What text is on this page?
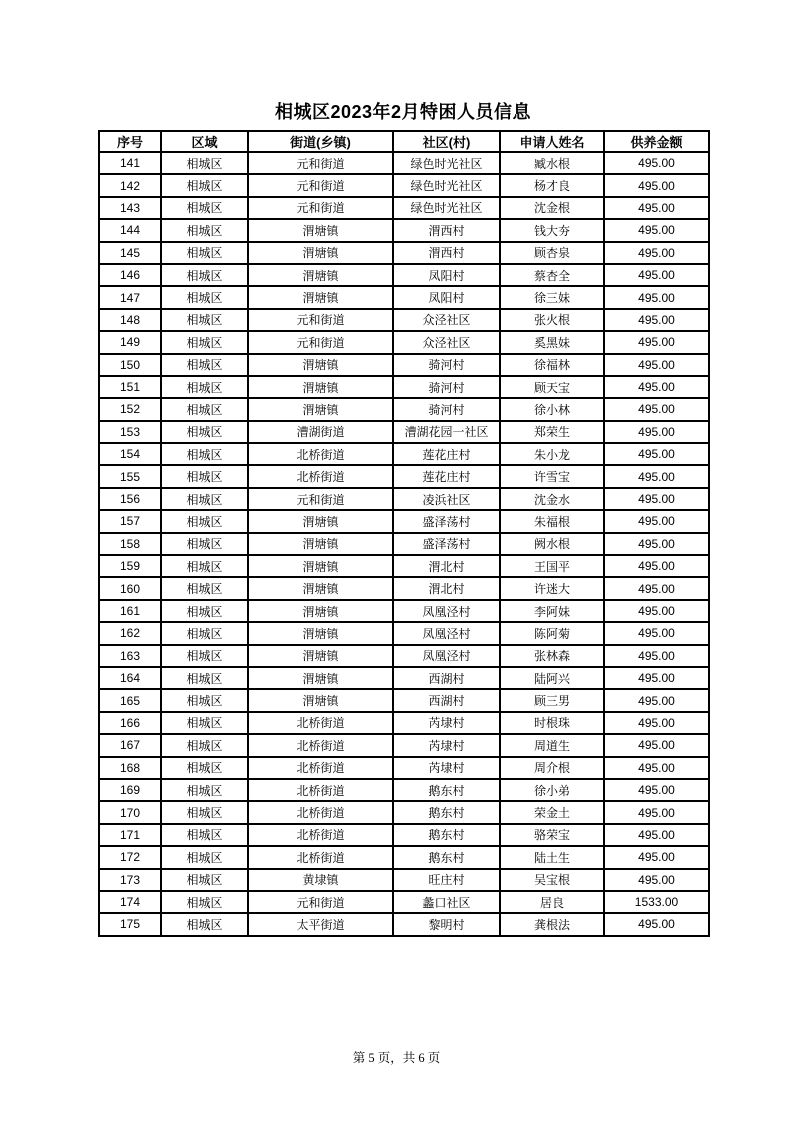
相城区2023年2月特困人员信息
序号	区域	街道(乡镇)	社区(村)	申请人姓名	供养金额
141	相城区	元和街道	绿色时光社区	臧水根	495.00
142	相城区	元和街道	绿色时光社区	杨才良	495.00
143	相城区	元和街道	绿色时光社区	沈金根	495.00
144	相城区	渭塘镇	渭西村	钱大夯	495.00
145	相城区	渭塘镇	渭西村	顾杏泉	495.00
146	相城区	渭塘镇	凤阳村	蔡杏全	495.00
147	相城区	渭塘镇	凤阳村	徐三妹	495.00
148	相城区	元和街道	众泾社区	张火根	495.00
149	相城区	元和街道	众泾社区	奚黑妹	495.00
150	相城区	渭塘镇	骑河村	徐福林	495.00
151	相城区	渭塘镇	骑河村	顾天宝	495.00
152	相城区	渭塘镇	骑河村	徐小林	495.00
153	相城区	漕湖街道	漕湖花园一社区	郑荣生	495.00
154	相城区	北桥街道	莲花庄村	朱小龙	495.00
155	相城区	北桥街道	莲花庄村	许雪宝	495.00
156	相城区	元和街道	凌浜社区	沈金水	495.00
157	相城区	渭塘镇	盛泽荡村	朱福根	495.00
158	相城区	渭塘镇	盛泽荡村	阙水根	495.00
159	相城区	渭塘镇	渭北村	王国平	495.00
160	相城区	渭塘镇	渭北村	许迷大	495.00
161	相城区	渭塘镇	凤凰泾村	李阿妹	495.00
162	相城区	渭塘镇	凤凰泾村	陈阿菊	495.00
163	相城区	渭塘镇	凤凰泾村	张林森	495.00
164	相城区	渭塘镇	西湖村	陆阿兴	495.00
165	相城区	渭塘镇	西湖村	顾三男	495.00
166	相城区	北桥街道	芮埭村	时根珠	495.00
167	相城区	北桥街道	芮埭村	周道生	495.00
168	相城区	北桥街道	芮埭村	周介根	495.00
169	相城区	北桥街道	鹅东村	徐小弟	495.00
170	相城区	北桥街道	鹅东村	荣金土	495.00
171	相城区	北桥街道	鹅东村	骆荣宝	495.00
172	相城区	北桥街道	鹅东村	陆土生	495.00
173	相城区	黄埭镇	旺庄村	吴宝根	495.00
174	相城区	元和街道	蠡口社区	居良	1533.00
175	相城区	太平街道	黎明村	龚根法	495.00
第 5 页，共 6 页
